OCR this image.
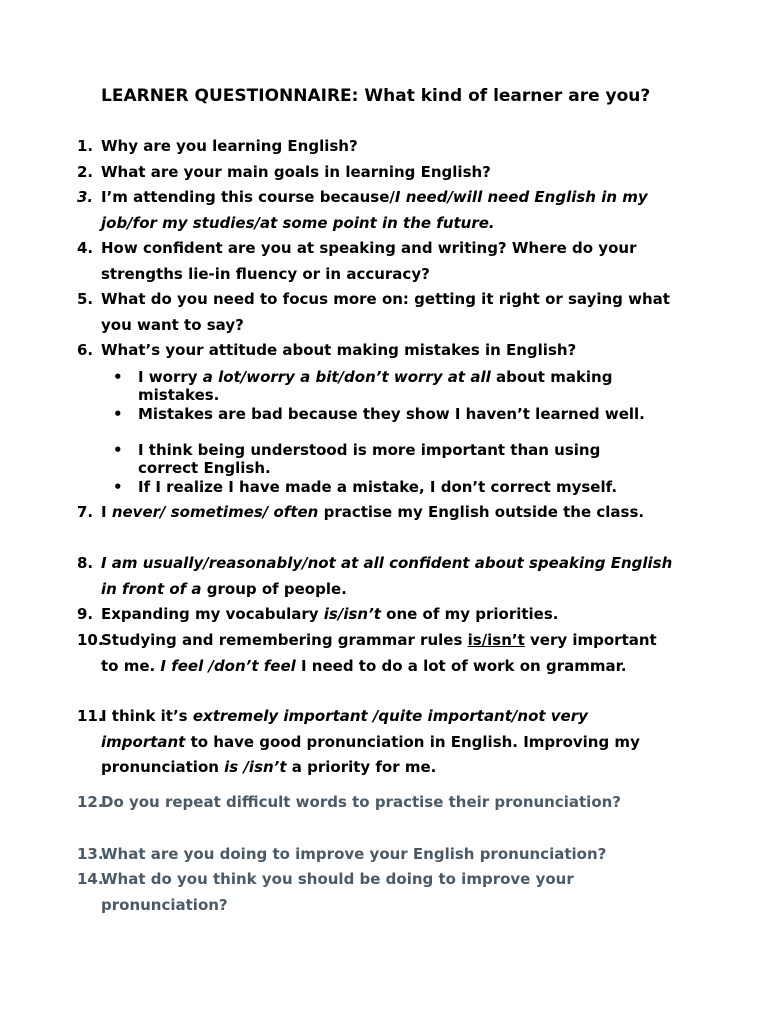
LEARNER QUESTIONNAIRE: What kind of learner are you?
1. Why are you learning English?
2. What are your main goals in learning English?
3. I’m attending this course because/I need/will need English in my job/for my studies/at some point in the future.
4. How confident are you at speaking and writing? Where do your strengths lie-in fluency or in accuracy?
5. What do you need to focus more on: getting it right or saying what you want to say?
6. What’s your attitude about making mistakes in English?
• I worry a lot/worry a bit/don’t worry at all about making mistakes.
• Mistakes are bad because they show I haven’t learned well.
• I think being understood is more important than using correct English.
• If I realize I have made a mistake, I don’t correct myself.
7. I never/ sometimes/ often practise my English outside the class.
8. I am usually/reasonably/not at all confident about speaking English in front of a group of people.
9. Expanding my vocabulary is/isn’t one of my priorities.
10.
Studying and remembering grammar rules is/isn’t very important to me. I feel /don’t feel I need to do a lot of work on grammar.
11.
I think it’s extremely important /quite important/not very important to have good pronunciation in English. Improving my pronunciation is /isn’t a priority for me.
12.
Do you repeat difficult words to practise their pronunciation?
13.
What are you doing to improve your English pronunciation?
14.
What do you think you should be doing to improve your pronunciation?
